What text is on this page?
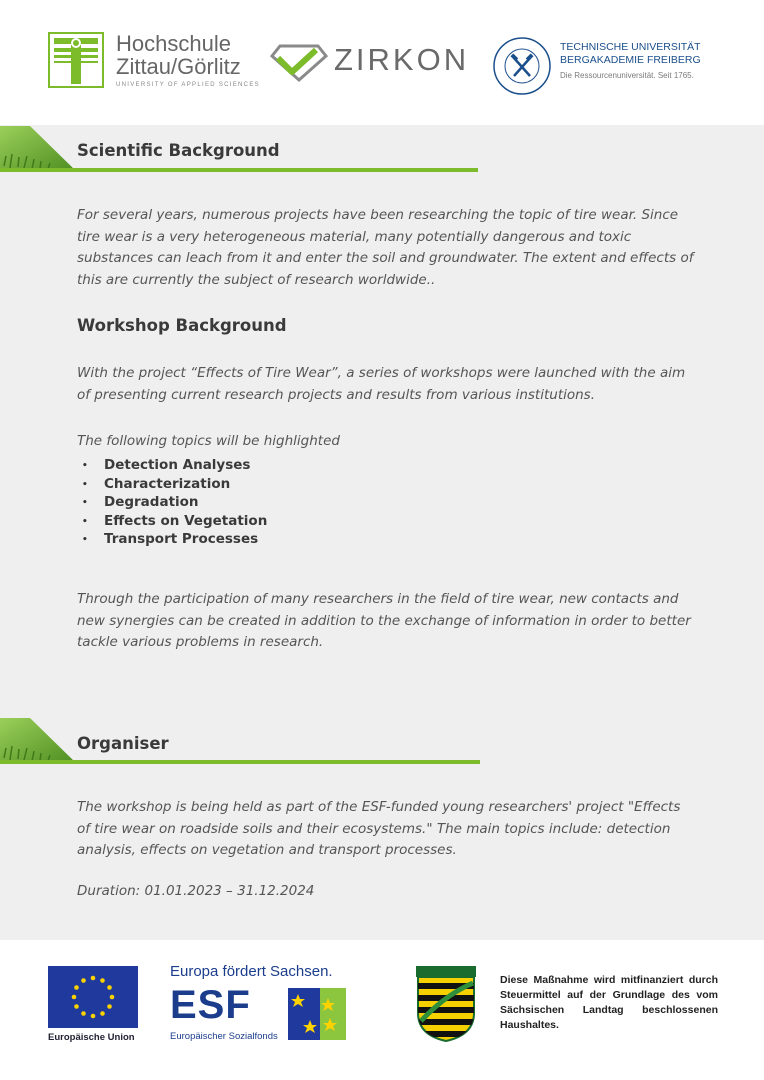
Hochschule
Zittau/Görlitz
UNIVERSITY OF APPLIED SCIENCES
ZIRKON	TECHNISCHE UNIVERSITÄT
BERGAKADEMIE FREIBERG
Die Ressourcenuniversität. Seit 1765.
Scientific Background
For several years, numerous projects have been researching the topic of tire wear. Since tire wear is a very heterogeneous material, many potentially dangerous and toxic substances can leach from it and enter the soil and groundwater. The extent and effects of this are currently the subject of research worldwide..
Workshop Background
With the project “Effects of Tire Wear”, a series of workshops were launched with the aim of presenting current research projects and results from various institutions.
The following topics will be highlighted
• Detection Analyses
• Characterization
• Degradation
• Effects on Vegetation
• Transport Processes
Through the participation of many researchers in the field of tire wear, new contacts and new synergies can be created in addition to the exchange of information in order to better tackle various problems in research.
Organiser
The workshop is being held as part of the ESF-funded young researchers' project "Effects of tire wear on roadside soils and their ecosystems." The main topics include: detection analysis, effects on vegetation and transport processes.
Duration: 01.01.2023 – 31.12.2024
Europäische Union
Europa fördert Sachsen.
ESF
Europäischer Sozialfonds
Diese Maßnahme wird mitfinanziert durch Steuermittel auf der Grundlage des vom Sächsischen Landtag beschlossenen Haushaltes.
